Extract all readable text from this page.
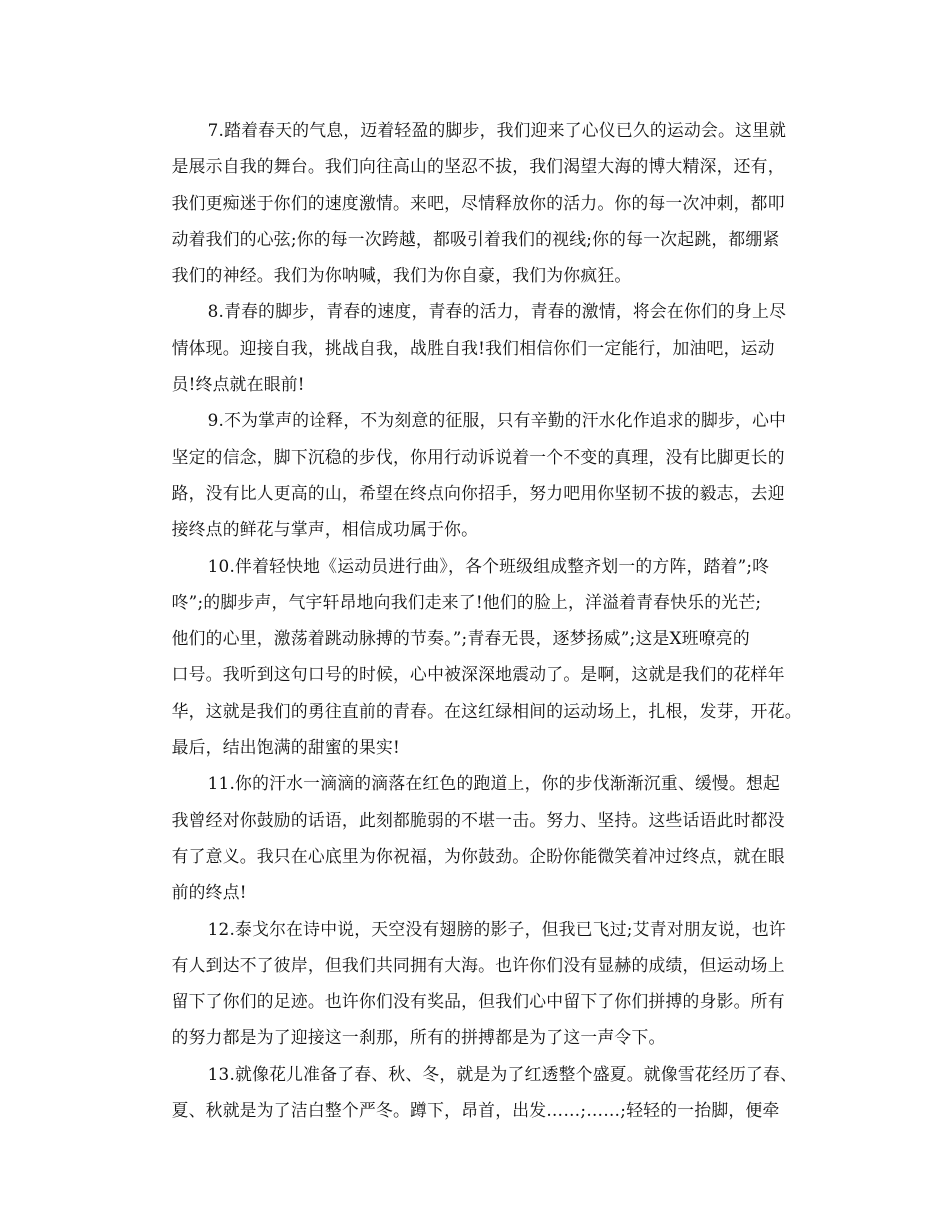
7.踏着春天的气息，迈着轻盈的脚步，我们迎来了心仪已久的运动会。这里就
是展示自我的舞台。我们向往高山的坚忍不拔，我们渴望大海的博大精深，还有，
我们更痴迷于你们的速度激情。来吧，尽情释放你的活力。你的每一次冲刺，都叩
动着我们的心弦;你的每一次跨越，都吸引着我们的视线;你的每一次起跳，都绷紧
我们的神经。我们为你呐喊，我们为你自豪，我们为你疯狂。
8.青春的脚步，青春的速度，青春的活力，青春的激情，将会在你们的身上尽
情体现。迎接自我，挑战自我，战胜自我!我们相信你们一定能行，加油吧，运动
员!终点就在眼前!
9.不为掌声的诠释，不为刻意的征服，只有辛勤的汗水化作追求的脚步，心中
坚定的信念，脚下沉稳的步伐，你用行动诉说着一个不变的真理，没有比脚更长的
路，没有比人更高的山，希望在终点向你招手，努力吧用你坚韧不拔的毅志，去迎
接终点的鲜花与掌声，相信成功属于你。
10.伴着轻快地《运动员进行曲》，各个班级组成整齐划一的方阵，踏着”;咚
咚”;的脚步声，气宇轩昂地向我们走来了!他们的脸上，洋溢着青春快乐的光芒;
他们的心里，激荡着跳动脉搏的节奏。”;青春无畏，逐梦扬威”;这是X班嘹亮的
口号。我听到这句口号的时候，心中被深深地震动了。是啊，这就是我们的花样年
华，这就是我们的勇往直前的青春。在这红绿相间的运动场上，扎根，发芽，开花。
最后，结出饱满的甜蜜的果实!
11.你的汗水一滴滴的滴落在红色的跑道上，你的步伐渐渐沉重、缓慢。想起
我曾经对你鼓励的话语，此刻都脆弱的不堪一击。努力、坚持。这些话语此时都没
有了意义。我只在心底里为你祝福，为你鼓劲。企盼你能微笑着冲过终点，就在眼
前的终点!
12.泰戈尔在诗中说，天空没有翅膀的影子，但我已飞过;艾青对朋友说，也许
有人到达不了彼岸，但我们共同拥有大海。也许你们没有显赫的成绩，但运动场上
留下了你们的足迹。也许你们没有奖品，但我们心中留下了你们拼搏的身影。所有
的努力都是为了迎接这一刹那，所有的拼搏都是为了这一声令下。
13.就像花儿准备了春、秋、冬，就是为了红透整个盛夏。就像雪花经历了春、
夏、秋就是为了洁白整个严冬。蹲下，昂首，出发……;……;轻轻的一抬脚，便牵
